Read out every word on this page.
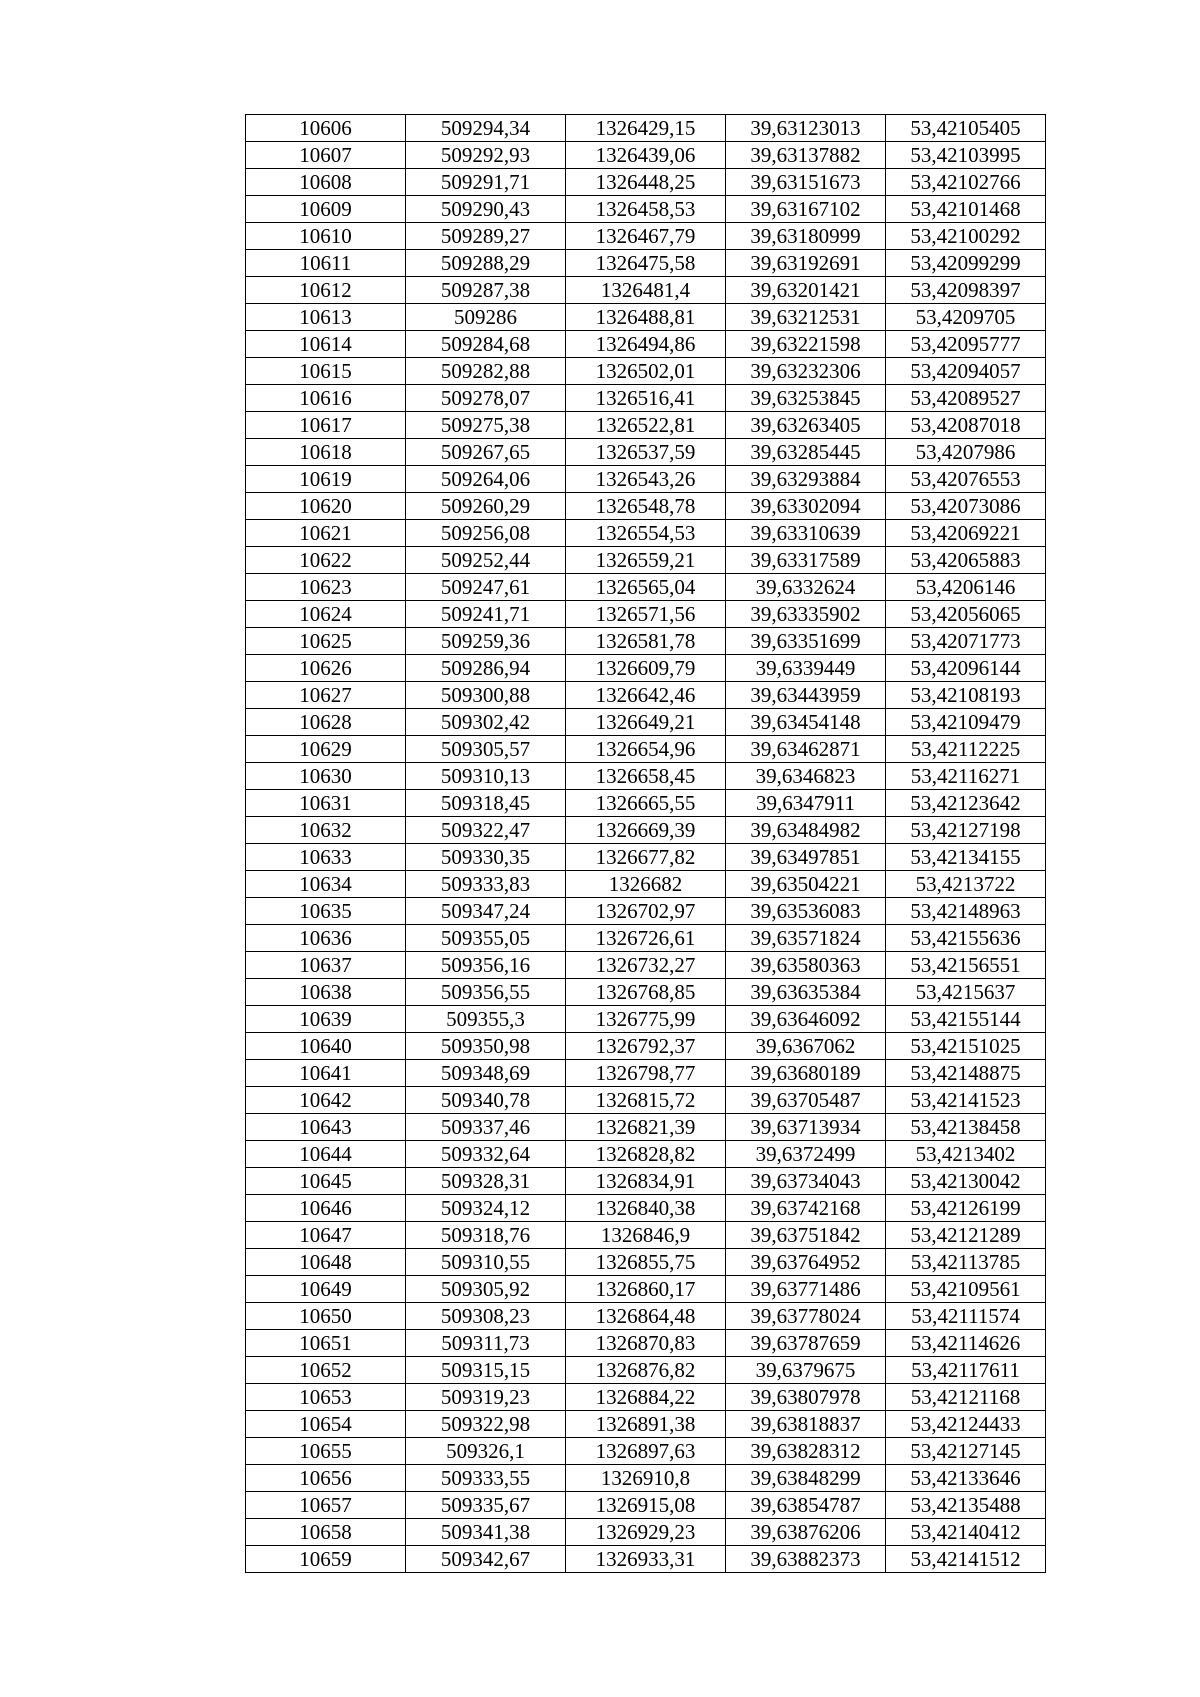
10606	509294,34	1326429,15	39,63123013	53,42105405
10607	509292,93	1326439,06	39,63137882	53,42103995
10608	509291,71	1326448,25	39,63151673	53,42102766
10609	509290,43	1326458,53	39,63167102	53,42101468
10610	509289,27	1326467,79	39,63180999	53,42100292
10611	509288,29	1326475,58	39,63192691	53,42099299
10612	509287,38	1326481,4	39,63201421	53,42098397
10613	509286	1326488,81	39,63212531	53,4209705
10614	509284,68	1326494,86	39,63221598	53,42095777
10615	509282,88	1326502,01	39,63232306	53,42094057
10616	509278,07	1326516,41	39,63253845	53,42089527
10617	509275,38	1326522,81	39,63263405	53,42087018
10618	509267,65	1326537,59	39,63285445	53,4207986
10619	509264,06	1326543,26	39,63293884	53,42076553
10620	509260,29	1326548,78	39,63302094	53,42073086
10621	509256,08	1326554,53	39,63310639	53,42069221
10622	509252,44	1326559,21	39,63317589	53,42065883
10623	509247,61	1326565,04	39,6332624	53,4206146
10624	509241,71	1326571,56	39,63335902	53,42056065
10625	509259,36	1326581,78	39,63351699	53,42071773
10626	509286,94	1326609,79	39,6339449	53,42096144
10627	509300,88	1326642,46	39,63443959	53,42108193
10628	509302,42	1326649,21	39,63454148	53,42109479
10629	509305,57	1326654,96	39,63462871	53,42112225
10630	509310,13	1326658,45	39,6346823	53,42116271
10631	509318,45	1326665,55	39,6347911	53,42123642
10632	509322,47	1326669,39	39,63484982	53,42127198
10633	509330,35	1326677,82	39,63497851	53,42134155
10634	509333,83	1326682	39,63504221	53,4213722
10635	509347,24	1326702,97	39,63536083	53,42148963
10636	509355,05	1326726,61	39,63571824	53,42155636
10637	509356,16	1326732,27	39,63580363	53,42156551
10638	509356,55	1326768,85	39,63635384	53,4215637
10639	509355,3	1326775,99	39,63646092	53,42155144
10640	509350,98	1326792,37	39,6367062	53,42151025
10641	509348,69	1326798,77	39,63680189	53,42148875
10642	509340,78	1326815,72	39,63705487	53,42141523
10643	509337,46	1326821,39	39,63713934	53,42138458
10644	509332,64	1326828,82	39,6372499	53,4213402
10645	509328,31	1326834,91	39,63734043	53,42130042
10646	509324,12	1326840,38	39,63742168	53,42126199
10647	509318,76	1326846,9	39,63751842	53,42121289
10648	509310,55	1326855,75	39,63764952	53,42113785
10649	509305,92	1326860,17	39,63771486	53,42109561
10650	509308,23	1326864,48	39,63778024	53,42111574
10651	509311,73	1326870,83	39,63787659	53,42114626
10652	509315,15	1326876,82	39,6379675	53,42117611
10653	509319,23	1326884,22	39,63807978	53,42121168
10654	509322,98	1326891,38	39,63818837	53,42124433
10655	509326,1	1326897,63	39,63828312	53,42127145
10656	509333,55	1326910,8	39,63848299	53,42133646
10657	509335,67	1326915,08	39,63854787	53,42135488
10658	509341,38	1326929,23	39,63876206	53,42140412
10659	509342,67	1326933,31	39,63882373	53,42141512
